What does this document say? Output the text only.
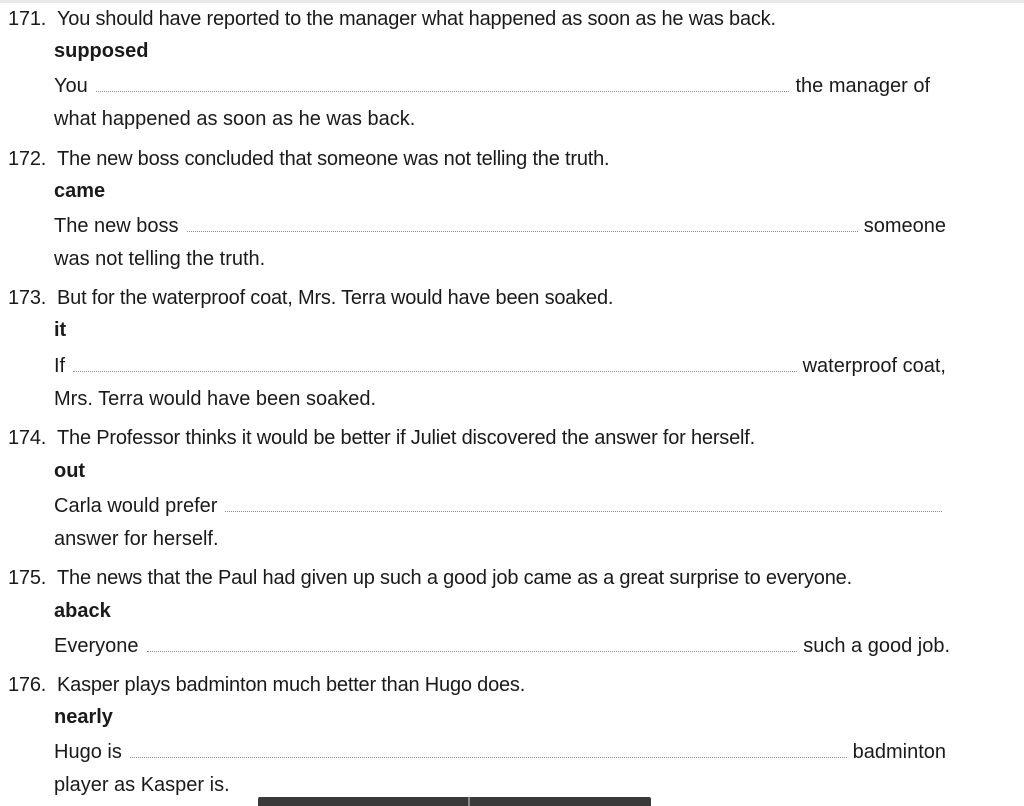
171. You should have reported to the manager what happened as soon as he was back.
supposed
You	the manager of
what happened as soon as he was back.
172. The new boss concluded that someone was not telling the truth.
came
The new boss	someone
was not telling the truth.
173. But for the waterproof coat, Mrs. Terra would have been soaked.
it
If	waterproof coat,
Mrs. Terra would have been soaked.
174. The Professor thinks it would be better if Juliet discovered the answer for herself.
out
Carla would prefer
answer for herself.
175. The news that the Paul had given up such a good job came as a great surprise to everyone.
aback
Everyone	such a good job.
176. Kasper plays badminton much better than Hugo does.
nearly
Hugo is	badminton
player as Kasper is.
